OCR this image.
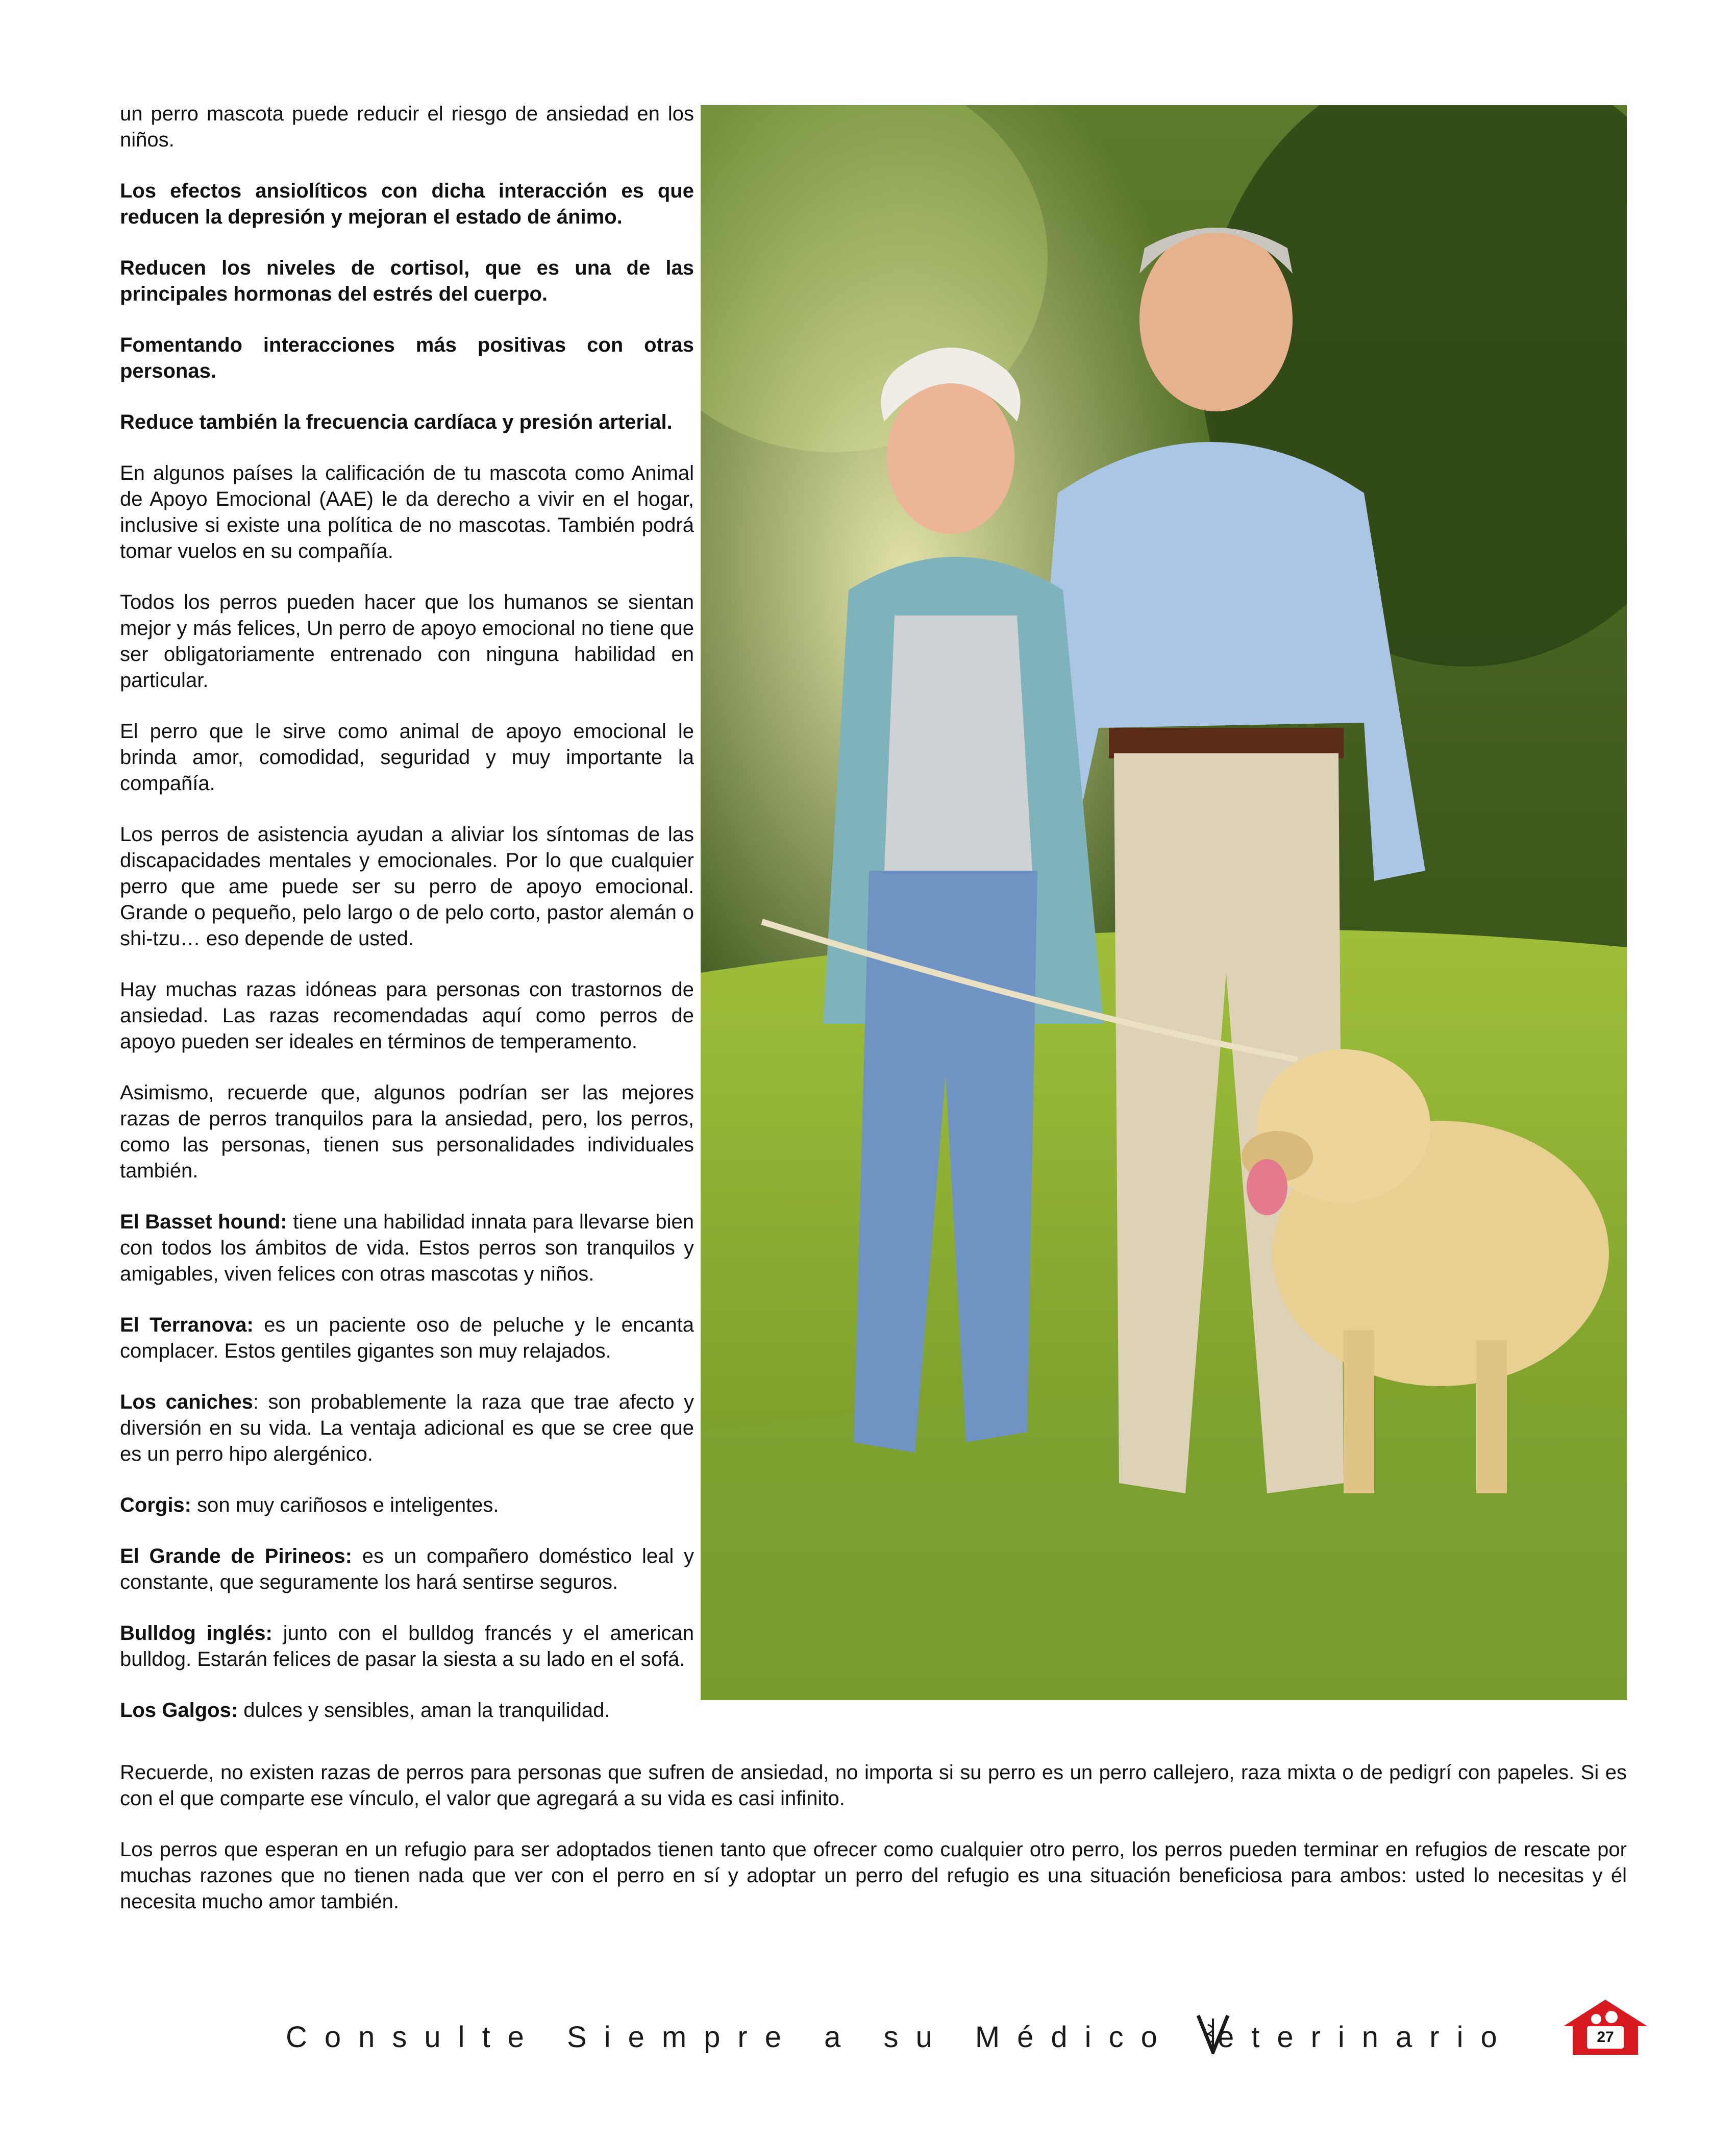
un perro mascota puede reducir el riesgo de ansiedad en los niños.

Los efectos ansiolíticos con dicha interacción es que reducen la depresión y mejoran el estado de ánimo.

Reducen los niveles de cortisol, que es una de las principales hormonas del estrés del cuerpo.

Fomentando interacciones más positivas con otras personas.

Reduce también la frecuencia cardíaca y presión arterial.

En algunos países la calificación de tu mascota como Animal de Apoyo Emocional (AAE) le da derecho a vivir en el hogar, inclusive si existe una política de no mascotas. También podrá tomar vuelos en su compañía.

Todos los perros pueden hacer que los humanos se sientan mejor y más felices, Un perro de apoyo emocional no tiene que ser obligatoriamente entrenado con ninguna habilidad en particular.

El perro que le sirve como animal de apoyo emocional le brinda amor, comodidad, seguridad y muy importante la compañía.

Los perros de asistencia ayudan a aliviar los síntomas de las discapacidades mentales y emocionales. Por lo que cualquier perro que ame puede ser su perro de apoyo emocional. Grande o pequeño, pelo largo o de pelo corto, pastor alemán o shi-tzu… eso depende de usted.

Hay muchas razas idóneas para personas con trastornos de ansiedad. Las razas recomendadas aquí como perros de apoyo pueden ser ideales en términos de temperamento.

Asimismo, recuerde que, algunos podrían ser las mejores razas de perros tranquilos para la ansiedad, pero, los perros, como las personas, tienen sus personalidades individuales también.

El Basset hound: tiene una habilidad innata para llevarse bien con todos los ámbitos de vida. Estos perros son tranquilos y amigables, viven felices con otras mascotas y niños.

El Terranova: es un paciente oso de peluche y le encanta complacer. Estos gentiles gigantes son muy relajados.

Los caniches: son probablemente la raza que trae afecto y diversión en su vida. La ventaja adicional es que se cree que es un perro hipo alergénico.

Corgis: son muy cariñosos e inteligentes.

El Grande de Pirineos: es un compañero doméstico leal y constante, que seguramente los hará sentirse seguros.

Bulldog inglés: junto con el bulldog francés y el american bulldog. Estarán felices de pasar la siesta a su lado en el sofá.

Los Galgos: dulces y sensibles, aman la tranquilidad.

Recuerde, no existen razas de perros para personas que sufren de ansiedad, no importa si su perro es un perro callejero, raza mixta o de pedigrí con papeles. Si es con el que comparte ese vínculo, el valor que agregará a su vida es casi infinito.

Los perros que esperan en un refugio para ser adoptados tienen tanto que ofrecer como cualquier otro perro, los perros pueden terminar en refugios de rescate por muchas razones que no tienen nada que ver con el perro en sí y adoptar un perro del refugio es una situación beneficiosa para ambos: usted lo necesitas y él necesita mucho amor también.

Consulte Siempre a su Médico eterinario	27
